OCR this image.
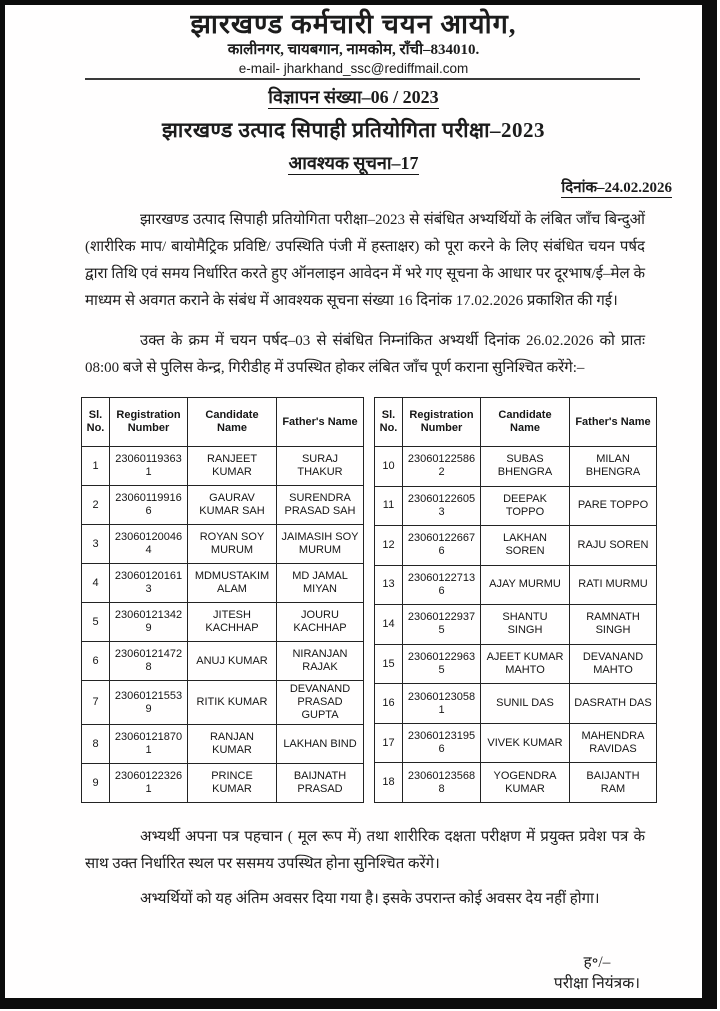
झारखण्ड कर्मचारी चयन आयोग,
कालीनगर, चायबगान, नामकोम, राँची–834010.
e-mail- jharkhand_ssc@rediffmail.com
विज्ञापन संख्या–06 / 2023
झारखण्ड उत्पाद सिपाही प्रतियोगिता परीक्षा–2023
आवश्यक सूचना–17
दिनांक–24.02.2026
झारखण्ड उत्पाद सिपाही प्रतियोगिता परीक्षा–2023 से संबंधित अभ्यर्थियों के लंबित जाँच बिन्दुओं (शारीरिक माप/ बायोमैट्रिक प्रविष्टि/ उपस्थिति पंजी में हस्ताक्षर) को पूरा करने के लिए संबंधित चयन पर्षद द्वारा तिथि एवं समय निर्धारित करते हुए ऑनलाइन आवेदन में भरे गए सूचना के आधार पर दूरभाष/ई–मेल के माध्यम से अवगत कराने के संबंध में आवश्यक सूचना संख्या 16 दिनांक 17.02.2026 प्रकाशित की गई।
उक्त के क्रम में चयन पर्षद–03 से संबंधित निम्नांकित अभ्यर्थी दिनांक 26.02.2026 को प्रातः 08:00 बजे से पुलिस केन्द्र, गिरीडीह में उपस्थित होकर लंबित जाँच पूर्ण कराना सुनिश्चित करेंगे:–
Sl. No.	Registration Number	Candidate Name	Father's Name
1	230601193631	RANJEET KUMAR	SURAJ THAKUR
2	230601199166	GAURAV KUMAR SAH	SURENDRA PRASAD SAH
3	230601200464	ROYAN SOY MURUM	JAIMASIH SOY MURUM
4	230601201613	MDMUSTAKIM ALAM	MD JAMAL MIYAN
5	230601213429	JITESH KACHHAP	JOURU KACHHAP
6	230601214728	ANUJ KUMAR	NIRANJAN RAJAK
7	230601215539	RITIK KUMAR	DEVANAND PRASAD GUPTA
8	230601218701	RANJAN KUMAR	LAKHAN BIND
9	230601223261	PRINCE KUMAR	BAIJNATH PRASAD
Sl. No.	Registration Number	Candidate Name	Father's Name
10	230601225862	SUBAS BHENGRA	MILAN BHENGRA
11	230601226053	DEEPAK TOPPO	PARE TOPPO
12	230601226676	LAKHAN SOREN	RAJU SOREN
13	230601227136	AJAY MURMU	RATI MURMU
14	230601229375	SHANTU SINGH	RAMNATH SINGH
15	230601229635	AJEET KUMAR MAHTO	DEVANAND MAHTO
16	230601230581	SUNIL DAS	DASRATH DAS
17	230601231956	VIVEK KUMAR	MAHENDRA RAVIDAS
18	230601235688	YOGENDRA KUMAR	BAIJANTH RAM
अभ्यर्थी अपना पत्र पहचान ( मूल रूप में) तथा शारीरिक दक्षता परीक्षण में प्रयुक्त प्रवेश पत्र के साथ उक्त निर्धारित स्थल पर ससमय उपस्थित होना सुनिश्चित करेंगे।
अभ्यर्थियों को यह अंतिम अवसर दिया गया है। इसके उपरान्त कोई अवसर देय नहीं होगा।
ह॰/–
परीक्षा नियंत्रक।
